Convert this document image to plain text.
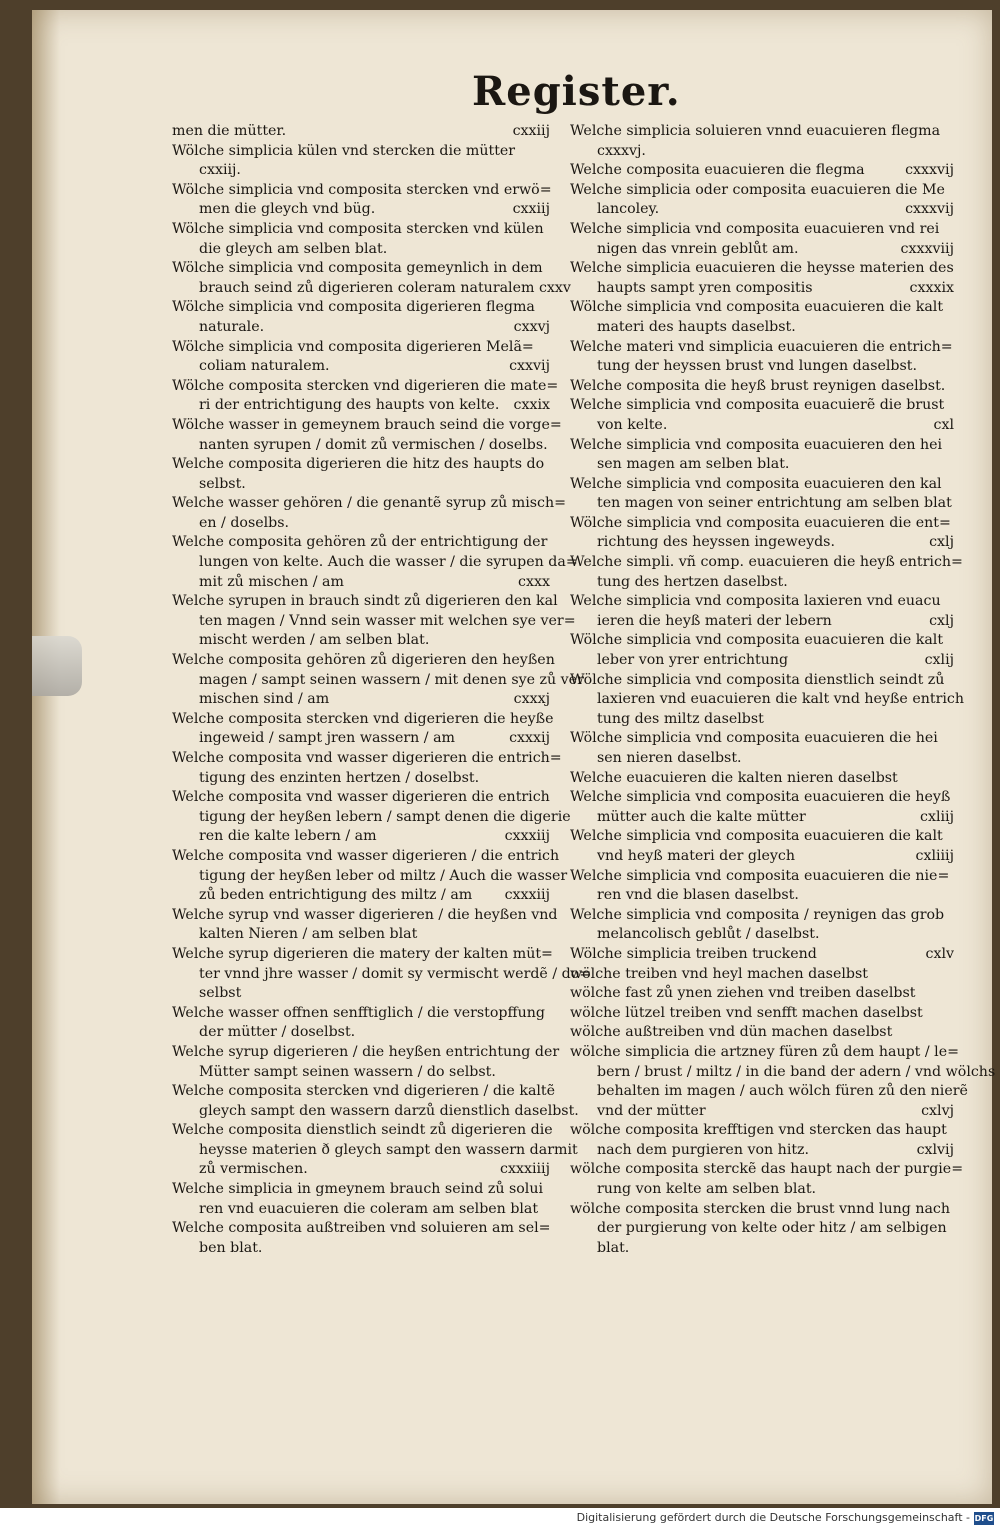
Register.
cxxiij
men die mütter.
Wölche simplicia külen vnd stercken die mütter
cxxiij.
Wölche simplicia vnd composita stercken vnd erwö=
cxxiij
men die gleych vnd büg.
Wölche simplicia vnd composita stercken vnd külen
die gleych am selben blat.
Wölche simplicia vnd composita gemeynlich in dem
brauch seind zů digerieren coleram naturalem cxxv
Wölche simplicia vnd composita digerieren flegma
cxxvj
naturale.
Wölche simplicia vnd composita digerieren Melã=
cxxvij
coliam naturalem.
Wölche composita stercken vnd digerieren die mate=
cxxix
ri der entrichtigung des haupts von kelte.
Wölche wasser in gemeynem brauch seind die vorge=
nanten syrupen / domit zů vermischen / doselbs.
Welche composita digerieren die hitz des haupts do
selbst.
Welche wasser gehören / die genantẽ syrup zů misch=
en / doselbs.
Welche composita gehören zů der entrichtigung der
lungen von kelte. Auch die wasser / die syrupen da=
cxxx
mit zů mischen / am
Welche syrupen in brauch sindt zů digerieren den kal
ten magen / Vnnd sein wasser mit welchen sye ver=
mischt werden / am selben blat.
Welche composita gehören zů digerieren den heyßen
magen / sampt seinen wassern / mit denen sye zů ver
cxxxj
mischen sind / am
Welche composita stercken vnd digerieren die heyße
cxxxij
ingeweid / sampt jren wassern / am
Welche composita vnd wasser digerieren die entrich=
tigung des enzinten hertzen / doselbst.
Welche composita vnd wasser digerieren die entrich
tigung der heyßen lebern / sampt denen die digerie
cxxxiij
ren die kalte lebern / am
Welche composita vnd wasser digerieren / die entrich
tigung der heyßen leber od miltz / Auch die wasser
cxxxiij
zů beden entrichtigung des miltz / am
Welche syrup vnd wasser digerieren / die heyßen vnd
kalten Nieren / am selben blat
Welche syrup digerieren die matery der kalten müt=
ter vnnd jhre wasser / domit sy vermischt werdẽ / do=
selbst
Welche wasser offnen senfftiglich / die verstopffung
der mütter / doselbst.
Welche syrup digerieren / die heyßen entrichtung der
Mütter sampt seinen wassern / do selbst.
Welche composita stercken vnd digerieren / die kaltẽ
gleych sampt den wassern darzů dienstlich daselbst.
Welche composita dienstlich seindt zů digerieren die
heysse materien ð gleych sampt den wassern darmit
cxxxiiij
zů vermischen.
Welche simplicia in gmeynem brauch seind zů solui
ren vnd euacuieren die coleram am selben blat
Welche composita außtreiben vnd soluieren am sel=
ben blat.
Welche simplicia soluieren vnnd euacuieren flegma
cxxxvj.
cxxxvij
Welche composita euacuieren die flegma
Welche simplicia oder composita euacuieren die Me
cxxxvij
lancoley.
Welche simplicia vnd composita euacuieren vnd rei
cxxxviij
nigen das vnrein geblůt am.
Welche simplicia euacuieren die heysse materien des
cxxxix
haupts sampt yren compositis
Wölche simplicia vnd composita euacuieren die kalt
materi des haupts daselbst.
Welche materi vnd simplicia euacuieren die entrich=
tung der heyssen brust vnd lungen daselbst.
Welche composita die heyß brust reynigen daselbst.
Welche simplicia vnd composita euacuierẽ die brust
cxl
von kelte.
Welche simplicia vnd composita euacuieren den hei
sen magen am selben blat.
Welche simplicia vnd composita euacuieren den kal
ten magen von seiner entrichtung am selben blat
Wölche simplicia vnd composita euacuieren die ent=
cxlj
richtung des heyssen ingeweyds.
Welche simpli. vñ comp. euacuieren die heyß entrich=
tung des hertzen daselbst.
Welche simplicia vnd composita laxieren vnd euacu
cxlj
ieren die heyß materi der lebern
Wölche simplicia vnd composita euacuieren die kalt
cxlij
leber von yrer entrichtung
Wölche simplicia vnd composita dienstlich seindt zů
laxieren vnd euacuieren die kalt vnd heyße entrich
tung des miltz daselbst
Wölche simplicia vnd composita euacuieren die hei
sen nieren daselbst.
Welche euacuieren die kalten nieren daselbst
Welche simplicia vnd composita euacuieren die heyß
cxliij
mütter auch die kalte mütter
Welche simplicia vnd composita euacuieren die kalt
cxliiij
vnd heyß materi der gleych
Welche simplicia vnd composita euacuieren die nie=
ren vnd die blasen daselbst.
Welche simplicia vnd composita / reynigen das grob
melancolisch geblůt / daselbst.
cxlv
Wölche simplicia treiben truckend
wölche treiben vnd heyl machen daselbst
wölche fast zů ynen ziehen vnd treiben daselbst
wölche lützel treiben vnd senfft machen daselbst
wölche außtreiben vnd dün machen daselbst
wölche simplicia die artzney füren zů dem haupt / le=
bern / brust / miltz / in die band der adern / vnd wölchs
behalten im magen / auch wölch füren zů den nierẽ
cxlvj
vnd der mütter
wölche composita krefftigen vnd stercken das haupt
cxlvij
nach dem purgieren von hitz.
wölche composita sterckẽ das haupt nach der purgie=
rung von kelte am selben blat.
wölche composita stercken die brust vnnd lung nach
der purgierung von kelte oder hitz / am selbigen
blat.
Digitalisierung gefördert durch die Deutsche Forschungsgemeinschaft - DFG
